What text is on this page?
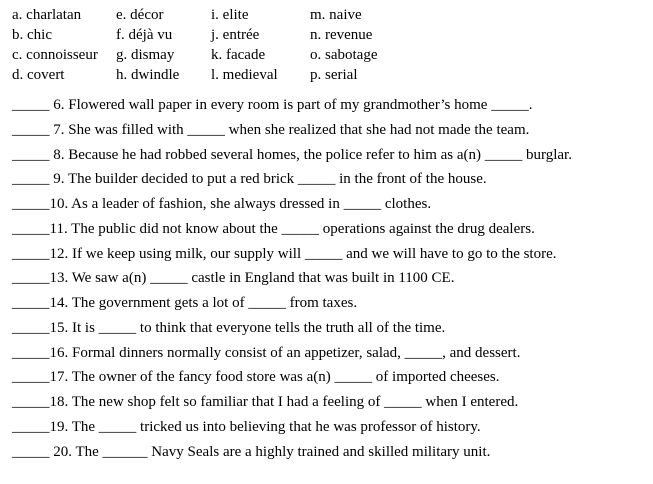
a. charlatan e. décor	i. elite	m. naive
b. chic	f. déjà vu	j. entrée	n. revenue
c. connoisseur g. dismay k. facade	o. sabotage
d. covert	h. dwindle l. medieval p. serial
_____ 6. Flowered wall paper in every room is part of my grandmother’s home _____.
_____ 7. She was filled with _____ when she realized that she had not made the team.
_____ 8. Because he had robbed several homes, the police refer to him as a(n) _____ burglar.
_____ 9. The builder decided to put a red brick _____ in the front of the house.
_____10. As a leader of fashion, she always dressed in _____ clothes.
_____11. The public did not know about the _____ operations against the drug dealers.
_____12. If we keep using milk, our supply will _____ and we will have to go to the store.
_____13. We saw a(n) _____ castle in England that was built in 1100 CE.
_____14. The government gets a lot of _____ from taxes.
_____15. It is _____ to think that everyone tells the truth all of the time.
_____16. Formal dinners normally consist of an appetizer, salad, _____, and dessert.
_____17. The owner of the fancy food store was a(n) _____ of imported cheeses.
_____18. The new shop felt so familiar that I had a feeling of _____ when I entered.
_____19. The _____ tricked us into believing that he was professor of history.
_____ 20. The ______ Navy Seals are a highly trained and skilled military unit.
